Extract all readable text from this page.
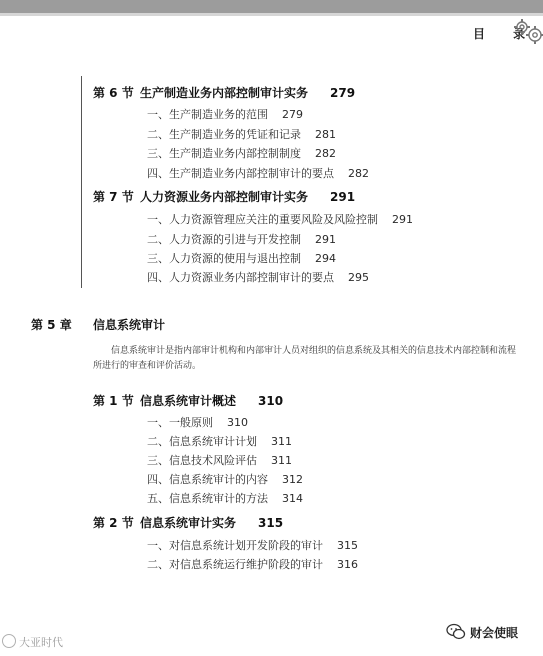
目 录
第 6 节 生产制造业务内部控制审计实务 279
一、生产制造业务的范围 279
二、生产制造业务的凭证和记录 281
三、生产制造业务内部控制制度 282
四、生产制造业务内部控制审计的要点 282
第 7 节 人力资源业务内部控制审计实务 291
一、人力资源管理应关注的重要风险及风险控制 291
二、人力资源的引进与开发控制 291
三、人力资源的使用与退出控制 294
四、人力资源业务内部控制审计的要点 295
第 5 章 信息系统审计

信息系统审计是指内部审计机构和内部审计人员对组织的信息系统及其相关的信息技术内部控制和流程所进行的审查和评价活动。

第 1 节 信息系统审计概述 310
一、一般原则 310
二、信息系统审计计划 311
三、信息技术风险评估 311
四、信息系统审计的内容 312
五、信息系统审计的方法 314
第 2 节 信息系统审计实务 315
一、对信息系统计划开发阶段的审计 315
二、对信息系统运行维护阶段的审计 316
大亚时代
财会使眼
